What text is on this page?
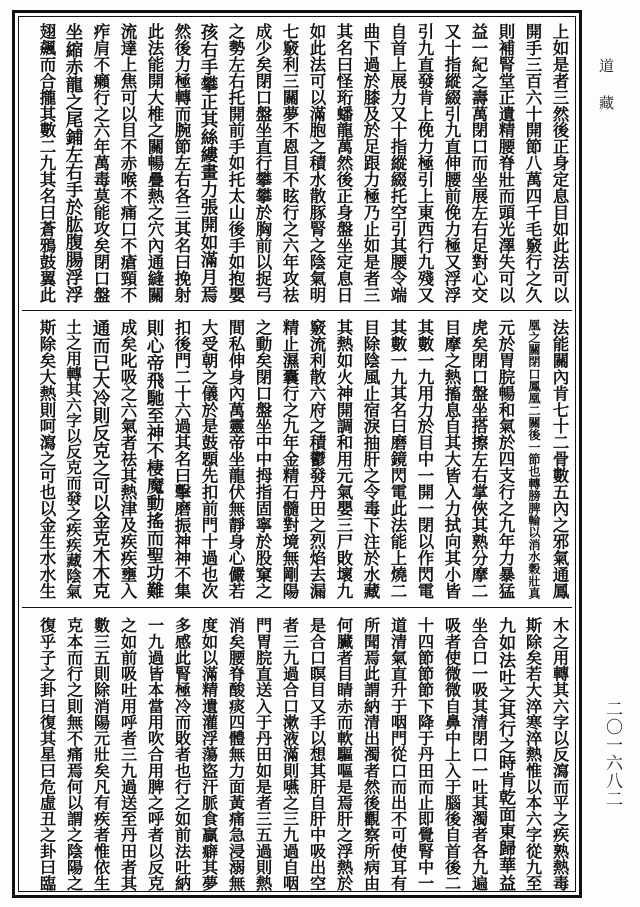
上如是者三然後正身定息目如此法可以
開手三百六十開節八萬四千毛竅行之久
則補腎堂正遺精腰脊壯而頭光澤失可以
益一紀之壽萬閉口而坐展左右足對心交
又十指縱綴引九直伸腰前俛力極又浮浮
引九直發肯上俛力極引上東西行九殘又
自首上展力又十指縱綴托空引其腰令端
曲下過於膝及於足跟力極乃止如是者三
其名曰怪珩蟠龍萬然後正身盤坐定息日
如此法可以滿胞之積水散豚腎之陰氣明
七竅利三關夢不恩目不眩行之六年攻祛
成少矣閉口盤坐直行攀攀於胸前以捉弓
之勢左右托開前手如托太山後手如抱嬰
孩右手攀正其絲縷畫力張開如滿月焉
然後力極轉而腕節左右各三其名曰挽射
此法能開大椎之關暢疊熱之穴內通縫關
流達上焦可以目不赤喉不痛口不瘡頸不
痄肩不癩行之六年萬毒莫能攻矣閉口盤
坐縮赤龍之尾鋪左右手於肱腹腸浮浮
翅飆而合攏其數二九其名曰蒼鴉鼓翼此
法能關內肯七十二骨數五內之邪氣通鳳
凰之關閉口鳳凰二關後一節也轉膀脾輪以消水穀壯真
元於胃脘暢和氣於四支行之九年力暴猛
虎矣閉口盤坐搭擦左右掌俠其熟分摩二
目摩之熱搐息自其大皆入力拭向其小皆
其數一九用力於目中一開一閉以作閃電
其數一九其名曰磨鏡閃電此法能上燒二
目除陰風止宿淚抽肝之令毒下注於水藏
其熱如火神開調和用元氣嬰三尸敗壞九
竅流利散六府之積鬱發丹田之烈焰去漏
精止濕囊行之九年金精石髓對境無剛陽
之動矣閉口盤坐中中拇指固寧於股窠之
間私伸身內萬靈帝坐龍伏無靜身心儼若
大受朝之儀於是鼓顋先扣前門十過也次
扣後門二十六過其名曰擊磨振神神不集
則心帝飛馳至神不棲魔動搖而聖功難
成矣叱吸之六氣者祛其熱津及疾疾壅入
通而已大冷則反克之可以金克木木克
土之用轉其六字以反克而發之疾疾藏陰氣
斯除矣大熱則呵瀉之可也以金生水水生
木之用轉其六字以反瀉而平之疾熟熱毒
斯除矣若大淬寒淬熱惟以本六字從九至
九如法吐之其行之時肯乾面東歸華益
坐合口一吸其清閉口一吐其濁者各九遍
吸者使微微自鼻中上入于腦後自首後二
十四節節節下降于丹田而止即覺腎中一
道清氣直升于咽門從口而出不可使耳有
所聞焉此謂納清出濁者然後觀察所病由
何臟者目睛赤而軟驅嘔是焉肝之浮熱於
是合口瞑目又手以想其肝自肝中吸出空
者三九過合口漱液滿則嚥之三九過自咽
門胃脘直送入于丹田如是者三五過則熱
消矣腰脊酸痰四體無力面黃痛急浸溺無
度如以滿精遺灌浮蕩盜汗脈食贏癖其夢
多感此腎極冷而敗者也行之如前法吐納
一九過皆本當用吹合用脾之呼者以反克
之如前吸吐用呼者三九過送至丹田者其
數三五則除消陽元壯矣凡有疾者惟依生
克本而行之則無不痛焉何以謂之陰陽之
復乎子之卦曰復其星曰危虛丑之卦曰臨
道藏
二〇一六八二
